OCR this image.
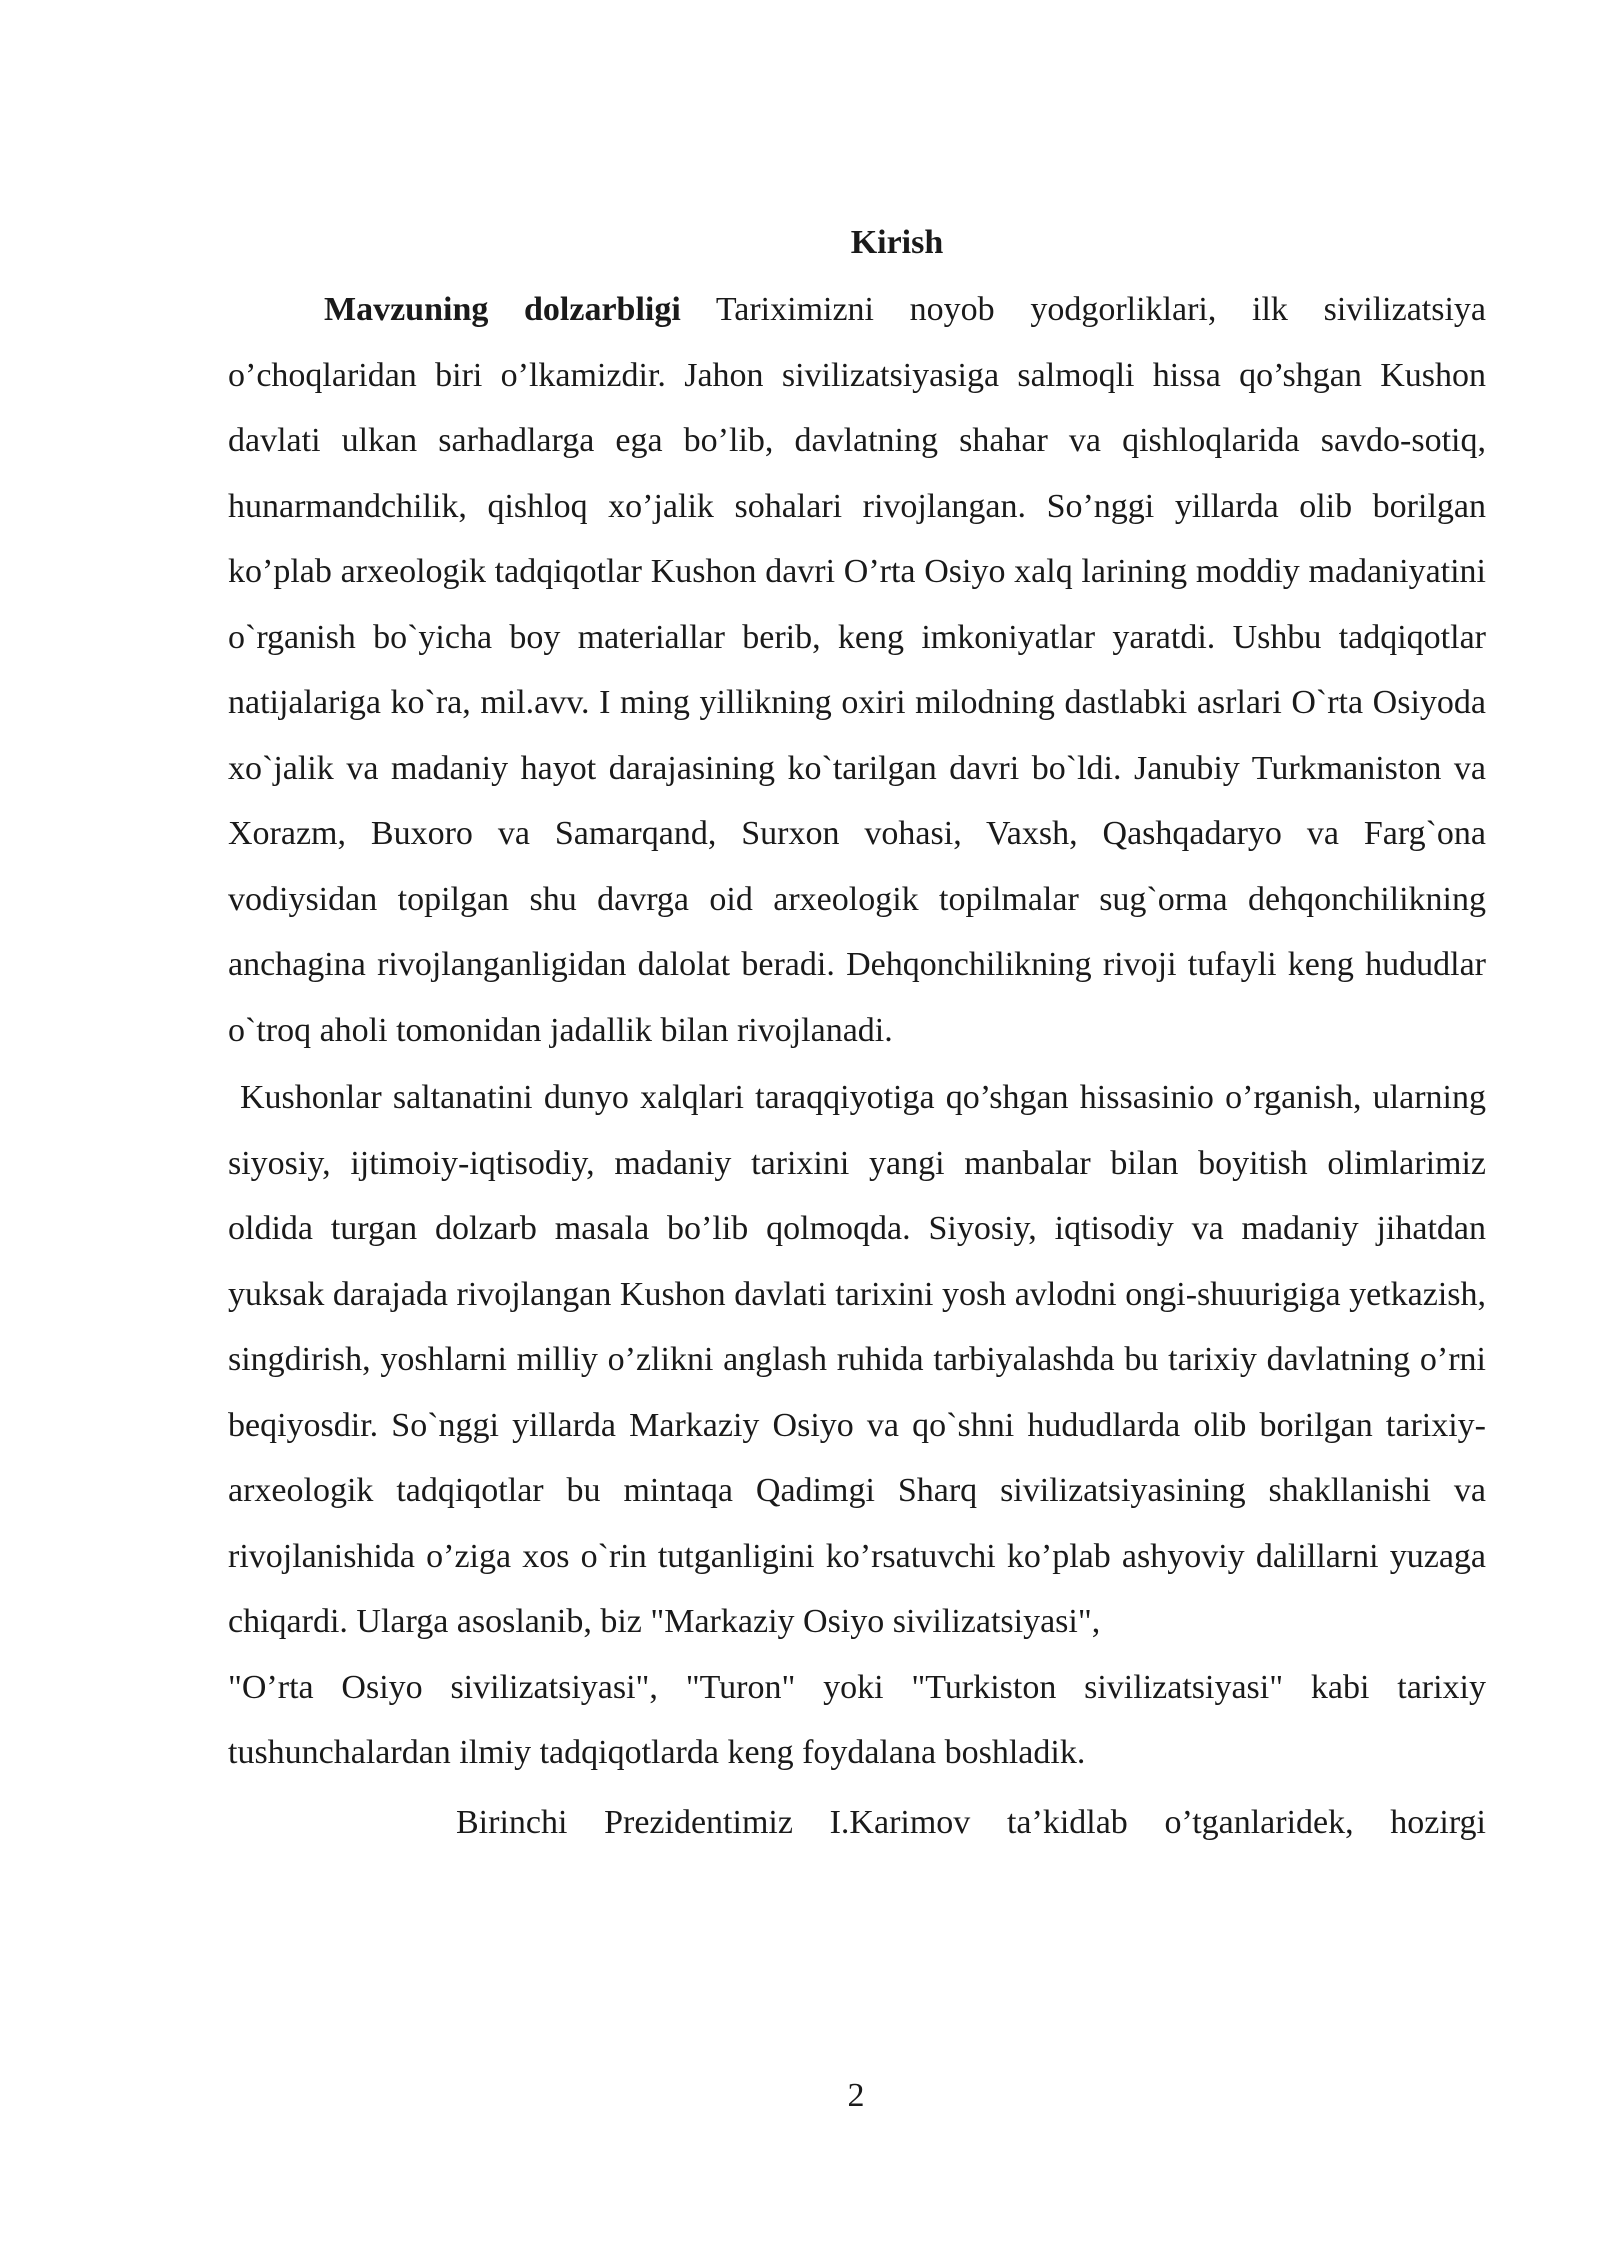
Kirish

Mavzuning dolzarbligi Tariximizni noyob yodgorliklari, ilk sivilizatsiya o’choqlaridan biri o’lkamizdir. Jahon sivilizatsiyasiga salmoqli hissa qo’shgan Kushon davlati ulkan sarhadlarga ega bo’lib, davlatning shahar va qishloqlarida savdo-sotiq, hunarmandchilik, qishloq xo’jalik sohalari rivojlangan. So’nggi yillarda olib borilgan ko’plab arxeologik tadqiqotlar Kushon davri O’rta Osiyo xalq larining moddiy madaniyatini o`rganish bo`yicha boy materiallar berib, keng imkoniyatlar yaratdi. Ushbu tadqiqotlar natijalariga ko`ra, mil.avv. I ming yillikning oxiri milodning dastlabki asrlari O`rta Osiyoda xo`jalik va madaniy hayot darajasining ko`tarilgan davri bo`ldi. Janubiy Turkmaniston va Xorazm, Buxoro va Samarqand, Surxon vohasi, Vaxsh, Qashqadaryo va Farg`ona vodiysidan topilgan shu davrga oid arxeologik topilmalar sug`orma dehqonchilikning anchagina rivojlanganligidan dalolat beradi. Dehqonchilikning rivoji tufayli keng hududlar o`troq aholi tomonidan jadallik bilan rivojlanadi.

Kushonlar saltanatini dunyo xalqlari taraqqiyotiga qo’shgan hissasinio o’rganish, ularning siyosiy, ijtimoiy-iqtisodiy, madaniy tarixini yangi manbalar bilan boyitish olimlarimiz oldida turgan dolzarb masala bo’lib qolmoqda. Siyosiy, iqtisodiy va madaniy jihatdan yuksak darajada rivojlangan Kushon davlati tarixini yosh avlodni ongi-shuurigiga yetkazish, singdirish, yoshlarni milliy o’zlikni anglash ruhida tarbiyalashda bu tarixiy davlatning o’rni beqiyosdir. So`nggi yillarda Markaziy Osiyo va qo`shni hududlarda olib borilgan tarixiy-arxeologik tadqiqotlar bu mintaqa Qadimgi Sharq sivilizatsiyasining shakllanishi va rivojlanishida o’ziga xos o`rin tutganligini ko’rsatuvchi ko’plab ashyoviy dalillarni yuzaga chiqardi. Ularga asoslanib, biz "Markaziy Osiyo sivilizatsiyasi",

"O’rta Osiyo sivilizatsiyasi", "Turon" yoki "Turkiston sivilizatsiyasi" kabi tarixiy tushunchalardan ilmiy tadqiqotlarda keng foydalana boshladik.

Birinchi Prezidentimiz I.Karimov ta’kidlab o’tganlaridek, hozirgi

2
